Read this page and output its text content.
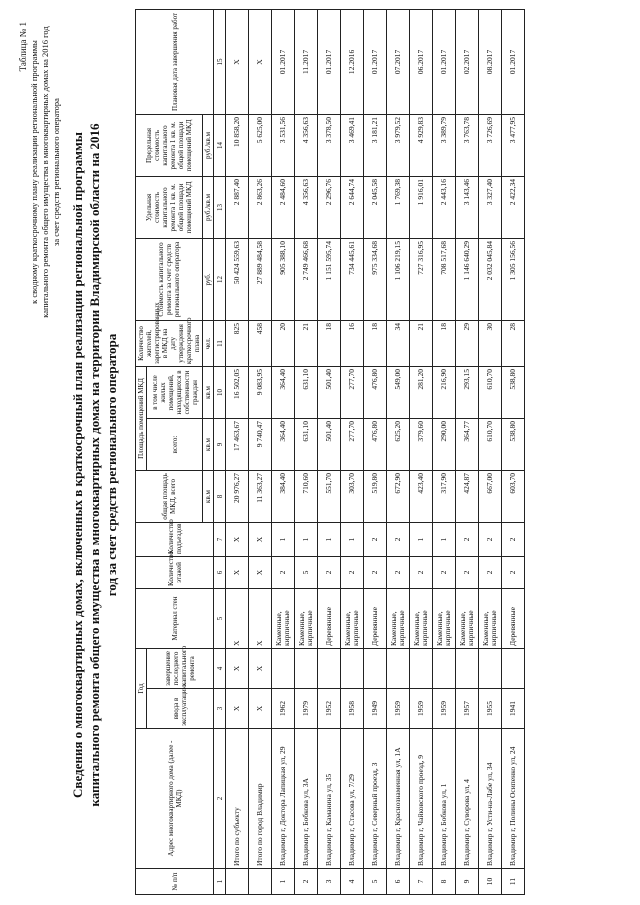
Таблица № 1 к сводному краткосрочному плану реализации региональной программы капитального ремонта общего имущества в многоквартирных домах на 2016 год за счет средств регионального оператора Сведения о многоквартирных домах, включенных в краткосрочный план реализации региональной программы капитального ремонта общего имущества в многоквартирных домах на территории Владимирской области на 2016 год за счет средств регионального оператора
№ п/п	Адрес многоквартирного дома (далее - МКД)	Год		Материал стен	Количество этажей	Количество подъездов	общая площадь МКД, всего	Площадь помещений МКД		Количество жителей, зарегистрированных в МКД на дату утверждения краткосрочного плана	Стоимость капитального ремонта за счет средств регионального оператора	Удельная стоимость капитального ремонта 1 кв. м. общей площади помещений МКД	Предельная стоимость капитального ремонта 1 кв. м. общей площади помещений МКД	Плановая дата завершения работ
		ввода в эксплуатацию	завершение последнего капитального ремонта					всего:	в том числе жилых помещений, находящихся в собственности граждан					
							кв.м	кв.м	кв.м	чел.	руб.	руб./кв.м	руб./кв.м	
1	2	3	4	5	6	7	8	9	10	11	12	13	14	15
	Итого по субъекту	X	X	X	X	X	20 976,27	17 463,67	16 502,05	825	50 424 559,63	2 887,40	10 858,20	X
	Итого по город Владимир	X	X	X	X	X	11 363,27	9 740,47	9 083,95	458	27 889 484,58	2 863,26	5 625,00	X
1	Владимир г, Доктора Лапицкая ул, 29	1962		Каменные, кирпичные	2	1	384,40	364,40	364,40	20	905 388,10	2 484,60	3 531,56	01.2017
2	Владимир г, Бобкова ул, 3А	1979		Каменные, кирпичные	5	1	710,60	631,10	631,10	21	2 749 466,68	4 356,63	4 356,63	11.2017
3	Владимир г, Каманина ул, 35	1952		Деревянные	2	1	551,70	501,40	501,40	18	1 151 595,74	2 296,76	3 378,50	01.2017
4	Владимир г, Стасова ул, 7/29	1958		Каменные, кирпичные	2	1	303,70	277,70	277,70	16	734 445,61	2 644,74	3 469,41	12.2016
5	Владимир г, Северный проезд, 3	1949		Деревянные	2	2	519,80	476,80	476,80	18	975 334,68	2 045,58	3 181,21	01.2017
6	Владимир г, Краснознаменная ул, 1А	1959		Каменные, кирпичные	2	2	672,90	625,20	549,00	34	1 106 219,15	1 769,38	3 979,52	07.2017
7	Владимир г, Чайковского проезд, 9	1959		Каменные, кирпичные	2	1	423,40	379,60	281,20	21	727 316,95	1 916,01	4 929,83	06.2017
8	Владимир г, Бобкова ул, 1	1959		Каменные, кирпичные	2	1	317,90	290,00	216,90	18	708 517,68	2 443,16	3 389,79	01.2017
9	Владимир г, Суворова ул, 4	1957		Каменные, кирпичные	2	2	424,87	364,77	293,15	29	1 146 640,29	3 143,46	3 763,78	02.2017
10	Владимир г, Усти-на-Лабе ул, 34	1955		Каменные, кирпичные	2	2	667,00	610,70	610,70	30	2 032 045,84	3 327,40	3 726,69	08.2017
11	Владимир г, Полины Осипенко ул, 24	1941		Деревянные	2	2	603,70	538,80	538,80	28	1 305 156,56	2 422,34	3 477,95	01.2017
